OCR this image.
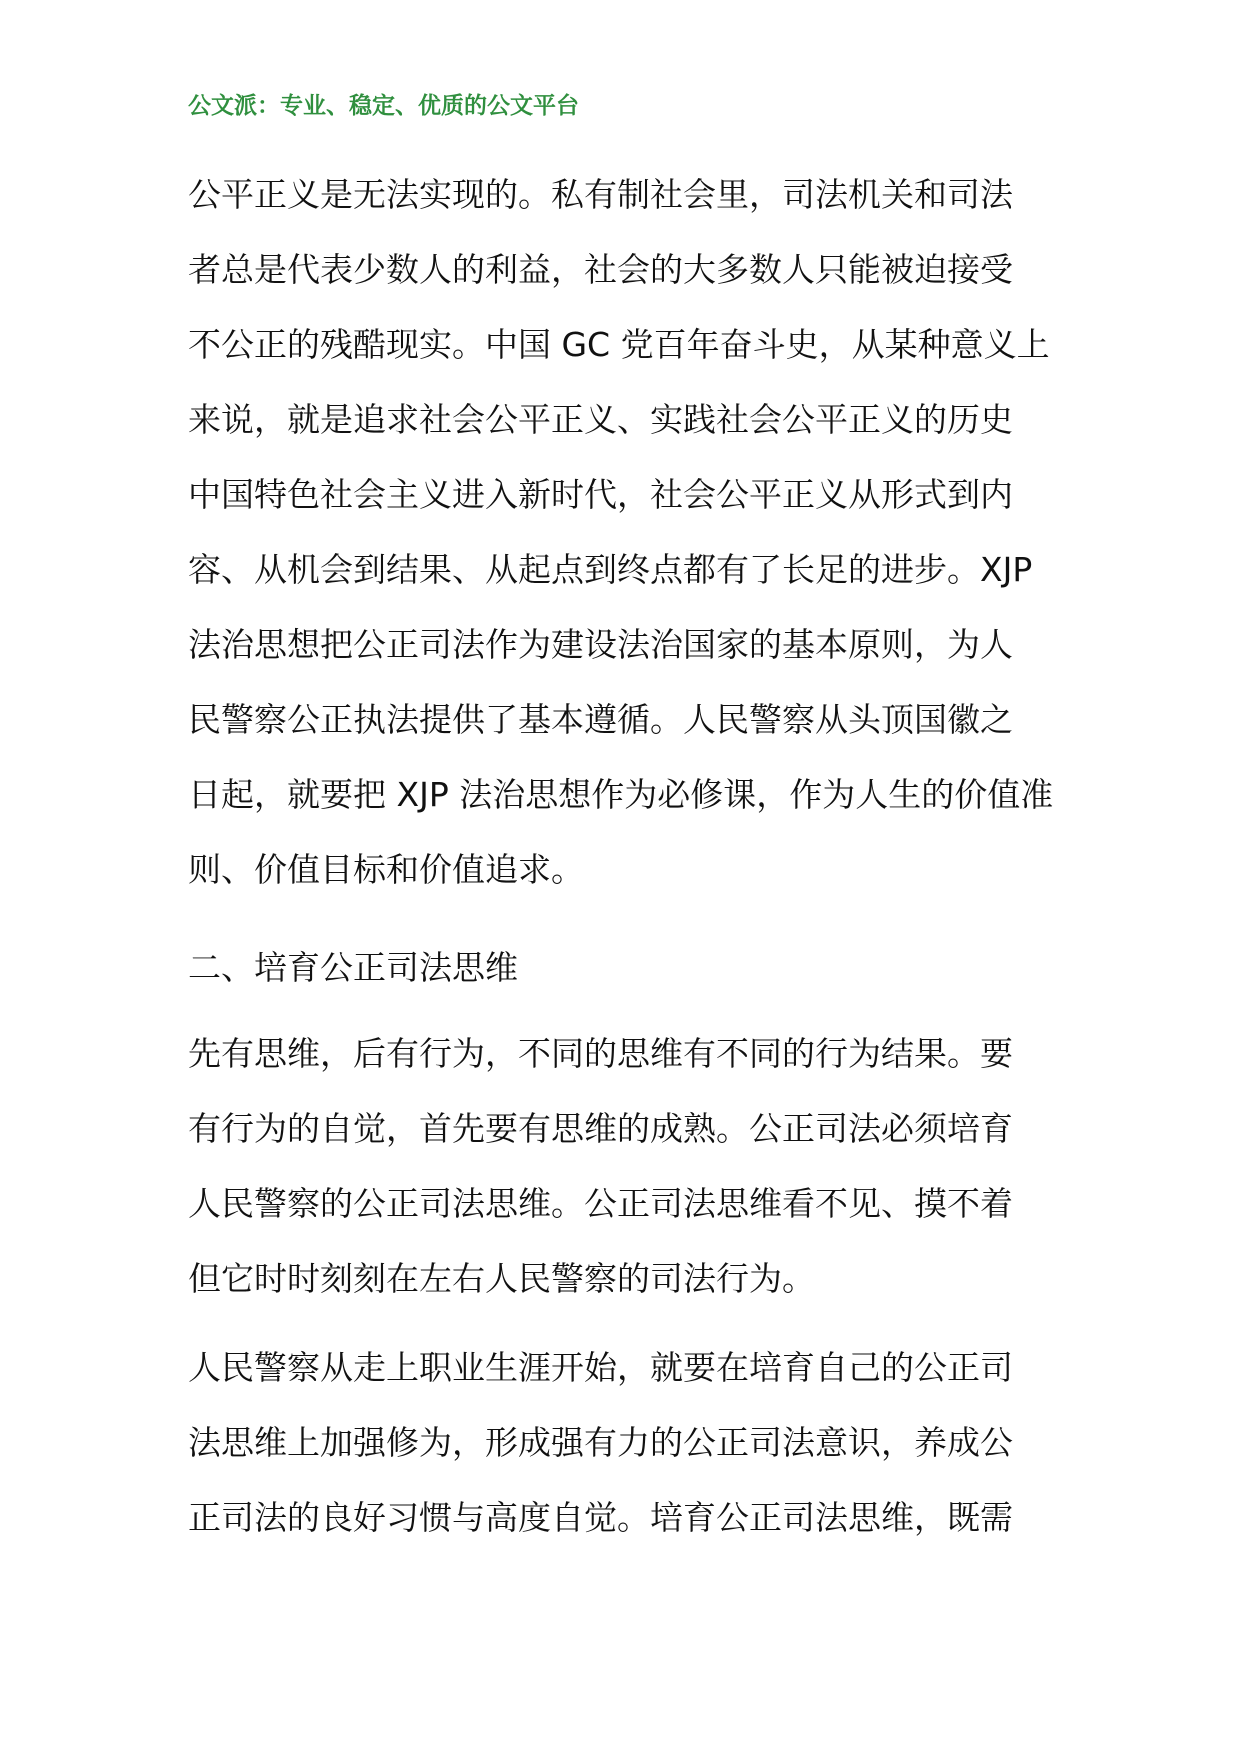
公文派：专业、稳定、优质的公文平台
公平正义是无法实现的。私有制社会里，司法机关和司法
者总是代表少数人的利益，社会的大多数人只能被迫接受
不公正的残酷现实。中国 GC 党百年奋斗史，从某种意义上
来说，就是追求社会公平正义、实践社会公平正义的历史
中国特色社会主义进入新时代，社会公平正义从形式到内
容、从机会到结果、从起点到终点都有了长足的进步。XJP
法治思想把公正司法作为建设法治国家的基本原则，为人
民警察公正执法提供了基本遵循。人民警察从头顶国徽之
日起，就要把 XJP 法治思想作为必修课，作为人生的价值准
则、价值目标和价值追求。
二、培育公正司法思维
先有思维，后有行为，不同的思维有不同的行为结果。要
有行为的自觉，首先要有思维的成熟。公正司法必须培育
人民警察的公正司法思维。公正司法思维看不见、摸不着
但它时时刻刻在左右人民警察的司法行为。
人民警察从走上职业生涯开始，就要在培育自己的公正司
法思维上加强修为，形成强有力的公正司法意识，养成公
正司法的良好习惯与高度自觉。培育公正司法思维，既需
